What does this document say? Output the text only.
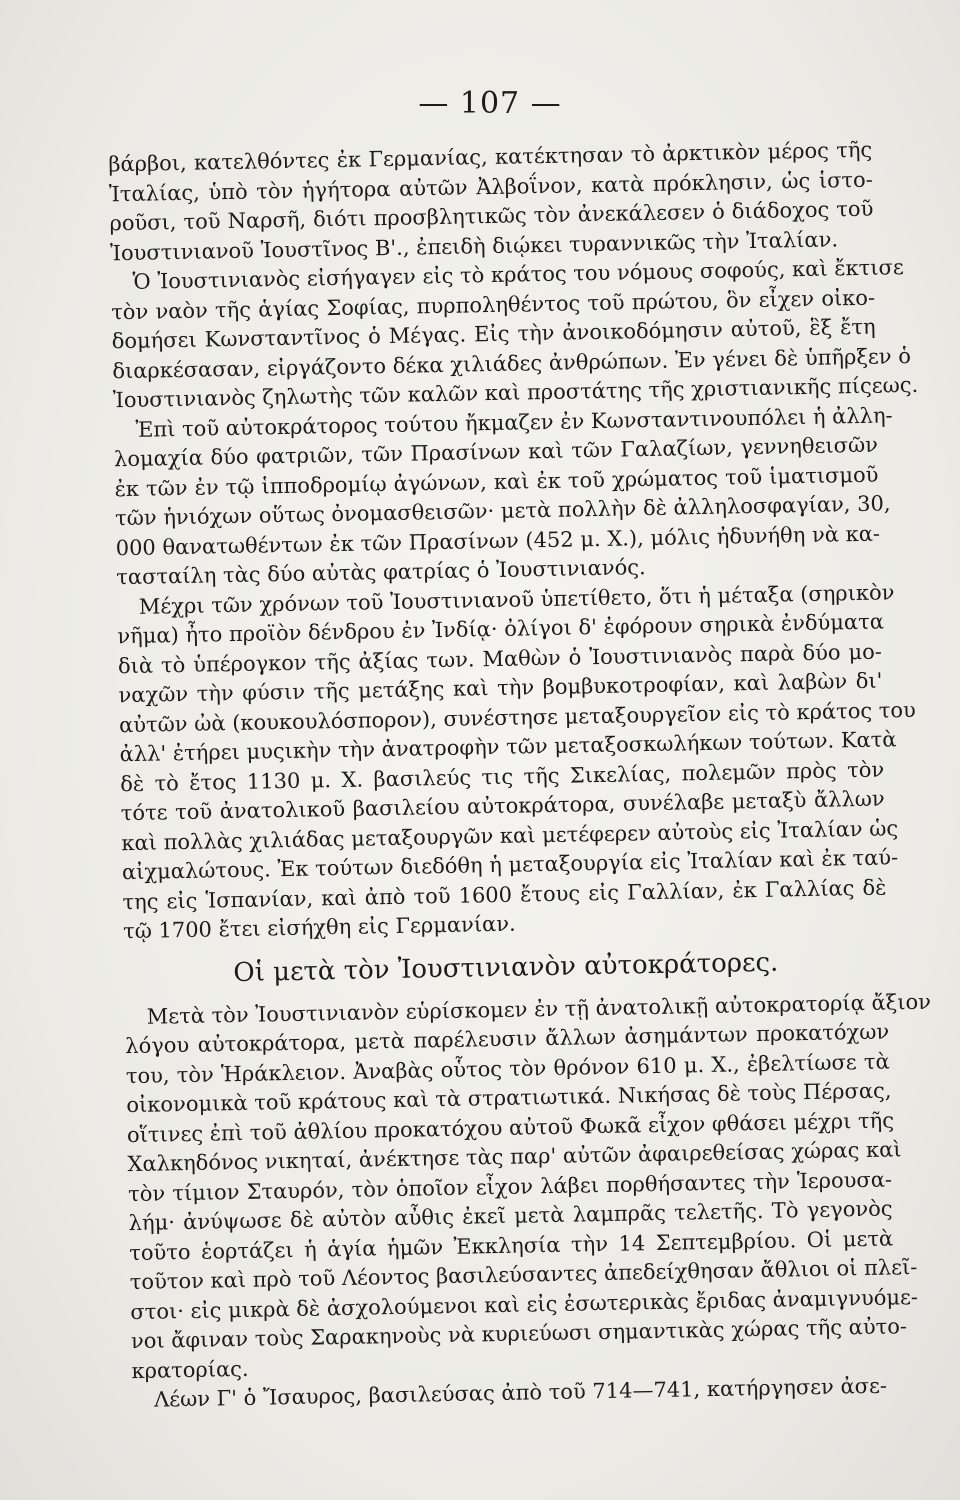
— 107 —
βάρβοι, κατελθόντες ἐκ Γερμανίας, κατέκτησαν τὸ ἀρκτικὸν μέρος τῆς
Ἰταλίας, ὑπὸ τὸν ἡγήτορα αὐτῶν Ἀλβοΐνον, κατὰ πρόκλησιν, ὡς ἱστο-
ροῦσι, τοῦ Ναρσῆ, διότι προσβλητικῶς τὸν ἀνεκάλεσεν ὁ διάδοχος τοῦ
Ἰουστινιανοῦ Ἰουστῖνος Β'., ἐπειδὴ διῴκει τυραννικῶς τὴν Ἰταλίαν.
Ὁ Ἰουστινιανὸς εἰσήγαγεν εἰς τὸ κράτος του νόμους σοφούς, καὶ ἔκτισε
τὸν ναὸν τῆς ἁγίας Σοφίας, πυρποληθέντος τοῦ πρώτου, ὃν εἶχεν οἰκο-
δομήσει Κωνσταντῖνος ὁ Μέγας. Εἰς τὴν ἀνοικοδόμησιν αὐτοῦ, ἓξ ἔτη
διαρκέσασαν, εἰργάζοντο δέκα χιλιάδες ἀνθρώπων. Ἐν γένει δὲ ὑπῆρξεν ὁ
Ἰουστινιανὸς ζηλωτὴς τῶν καλῶν καὶ προστάτης τῆς χριστιανικῆς πίςεως.
Ἐπὶ τοῦ αὐτοκράτορος τούτου ἤκμαζεν ἐν Κωνσταντινουπόλει ἡ ἀλλη-
λομαχία δύο φατριῶν, τῶν Πρασίνων καὶ τῶν Γαλαζίων, γεννηθεισῶν
ἐκ τῶν ἐν τῷ ἱπποδρομίῳ ἀγώνων, καὶ ἐκ τοῦ χρώματος τοῦ ἱματισμοῦ
τῶν ἡνιόχων οὕτως ὀνομασθεισῶν· μετὰ πολλὴν δὲ ἀλληλοσφαγίαν, 30,
000 θανατωθέντων ἐκ τῶν Πρασίνων (452 μ. Χ.), μόλις ἠδυνήθη νὰ κα-
τασταίλη τὰς δύο αὐτὰς φατρίας ὁ Ἰουστινιανός.
Μέχρι τῶν χρόνων τοῦ Ἰουστινιανοῦ ὑπετίθετο, ὅτι ἡ μέταξα (σηρικὸν
νῆμα) ἦτο προϊὸν δένδρου ἐν Ἰνδίᾳ· ὀλίγοι δ' ἐφόρουν σηρικὰ ἐνδύματα
διὰ τὸ ὑπέρογκον τῆς ἀξίας των. Μαθὼν ὁ Ἰουστινιανὸς παρὰ δύο μο-
ναχῶν τὴν φύσιν τῆς μετάξης καὶ τὴν βομβυκοτροφίαν, καὶ λαβὼν δι'
αὐτῶν ὠὰ (κουκουλόσπορον), συνέστησε μεταξουργεῖον εἰς τὸ κράτος του
ἀλλ' ἐτήρει μυςικὴν τὴν ἀνατροφὴν τῶν μεταξοσκωλήκων τούτων. Κατὰ
δὲ τὸ ἔτος 1130 μ. Χ. βασιλεύς τις τῆς Σικελίας, πολεμῶν πρὸς τὸν
τότε τοῦ ἀνατολικοῦ βασιλείου αὐτοκράτορα, συνέλαβε μεταξὺ ἄλλων
καὶ πολλὰς χιλιάδας μεταξουργῶν καὶ μετέφερεν αὐτοὺς εἰς Ἰταλίαν ὡς
αἰχμαλώτους. Ἐκ τούτων διεδόθη ἡ μεταξουργία εἰς Ἰταλίαν καὶ ἐκ ταύ-
της εἰς Ἱσπανίαν, καὶ ἀπὸ τοῦ 1600 ἔτους εἰς Γαλλίαν, ἐκ Γαλλίας δὲ
τῷ 1700 ἔτει εἰσήχθη εἰς Γερμανίαν.
Οἱ μετὰ τὸν Ἰουστινιανὸν αὐτοκράτορες.
Μετὰ τὸν Ἰουστινιανὸν εὑρίσκομεν ἐν τῇ ἀνατολικῇ αὐτοκρατορίᾳ ἄξιον
λόγου αὐτοκράτορα, μετὰ παρέλευσιν ἄλλων ἀσημάντων προκατόχων
του, τὸν Ἡράκλειον. Ἀναβὰς οὗτος τὸν θρόνον 610 μ. Χ., ἐβελτίωσε τὰ
οἰκονομικὰ τοῦ κράτους καὶ τὰ στρατιωτικά. Νικήσας δὲ τοὺς Πέρσας,
οἵτινες ἐπὶ τοῦ ἀθλίου προκατόχου αὐτοῦ Φωκᾶ εἶχον φθάσει μέχρι τῆς
Χαλκηδόνος νικηταί, ἀνέκτησε τὰς παρ' αὐτῶν ἀφαιρεθείσας χώρας καὶ
τὸν τίμιον Σταυρόν, τὸν ὁποῖον εἶχον λάβει πορθήσαντες τὴν Ἱερουσα-
λήμ· ἀνύψωσε δὲ αὐτὸν αὖθις ἐκεῖ μετὰ λαμπρᾶς τελετῆς. Τὸ γεγονὸς
τοῦτο ἑορτάζει ἡ ἁγία ἡμῶν Ἐκκλησία τὴν 14 Σεπτεμβρίου. Οἱ μετὰ
τοῦτον καὶ πρὸ τοῦ Λέοντος βασιλεύσαντες ἀπεδείχθησαν ἄθλιοι οἱ πλεῖ-
στοι· εἰς μικρὰ δὲ ἀσχολούμενοι καὶ εἰς ἐσωτερικὰς ἔριδας ἀναμιγνυόμε-
νοι ἄφιναν τοὺς Σαρακηνοὺς νὰ κυριεύωσι σημαντικὰς χώρας τῆς αὐτο-
κρατορίας.
Λέων Γ' ὁ Ἴσαυρος, βασιλεύσας ἀπὸ τοῦ 714—741, κατήργησεν ἀσε-
